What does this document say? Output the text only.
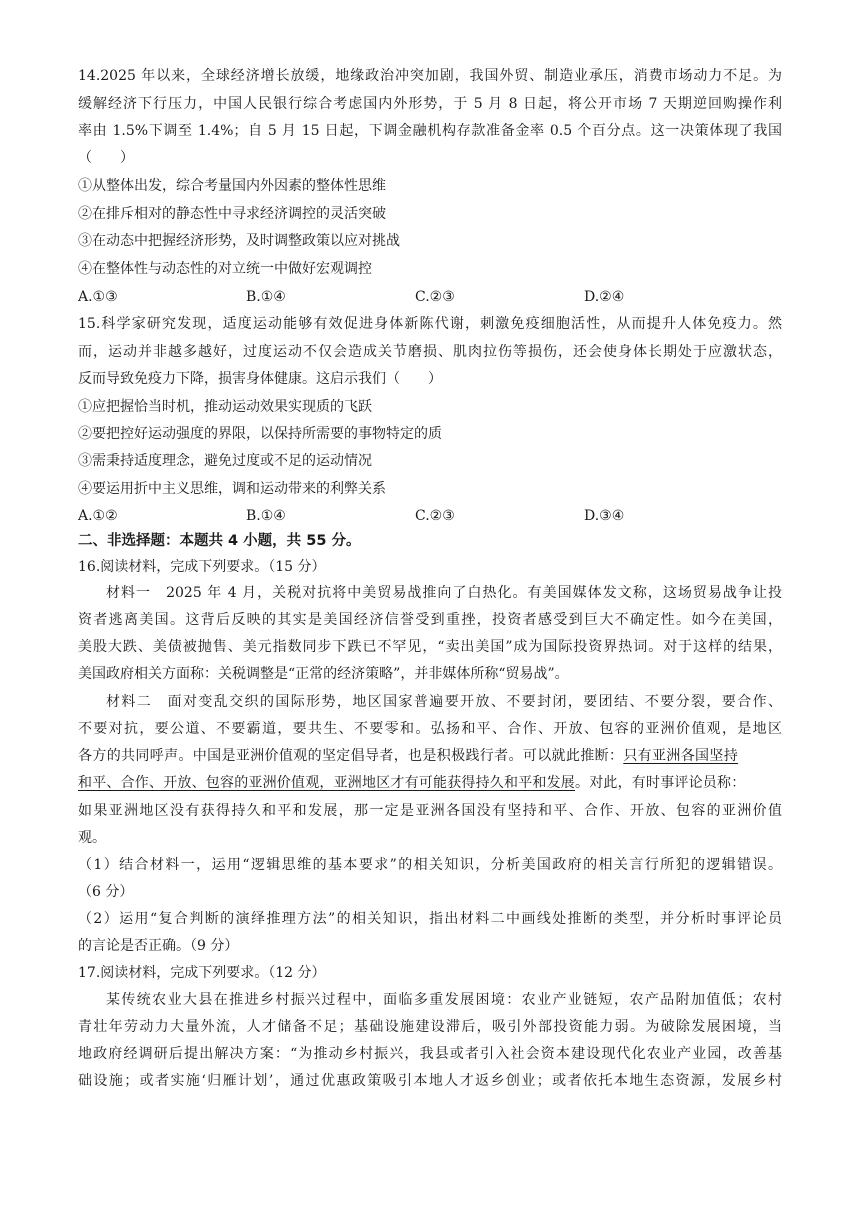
14.2025 年以来，全球经济增长放缓，地缘政治冲突加剧，我国外贸、制造业承压，消费市场动力不足。为
缓解经济下行压力，中国人民银行综合考虑国内外形势，于 5 月 8 日起，将公开市场 7 天期逆回购操作利
率由 1.5%下调至 1.4%；自 5 月 15 日起，下调金融机构存款准备金率 0.5 个百分点。这一决策体现了我国
（　　）
①从整体出发，综合考量国内外因素的整体性思维
②在排斥相对的静态性中寻求经济调控的灵活突破
③在动态中把握经济形势，及时调整政策以应对挑战
④在整体性与动态性的对立统一中做好宏观调控
A.①③	B.①④	C.②③	D.②④
15.科学家研究发现，适度运动能够有效促进身体新陈代谢，刺激免疫细胞活性，从而提升人体免疫力。然
而，运动并非越多越好，过度运动不仅会造成关节磨损、肌肉拉伤等损伤，还会使身体长期处于应激状态，
反而导致免疫力下降，损害身体健康。这启示我们（　　）
①应把握恰当时机，推动运动效果实现质的飞跃
②要把控好运动强度的界限，以保持所需要的事物特定的质
③需秉持适度理念，避免过度或不足的运动情况
④要运用折中主义思维，调和运动带来的利弊关系
A.①②	B.①④	C.②③	D.③④
二、非选择题：本题共 4 小题，共 55 分。
16.阅读材料，完成下列要求。（15 分）
材料一　2025 年 4 月，关税对抗将中美贸易战推向了白热化。有美国媒体发文称，这场贸易战争让投
资者逃离美国。这背后反映的其实是美国经济信誉受到重挫，投资者感受到巨大不确定性。如今在美国，
美股大跌、美债被抛售、美元指数同步下跌已不罕见，“卖出美国”成为国际投资界热词。对于这样的结果，
美国政府相关方面称：关税调整是“正常的经济策略”，并非媒体所称“贸易战”。
材料二　面对变乱交织的国际形势，地区国家普遍要开放、不要封闭，要团结、不要分裂，要合作、
不要对抗，要公道、不要霸道，要共生、不要零和。弘扬和平、合作、开放、包容的亚洲价值观，是地区
各方的共同呼声。中国是亚洲价值观的坚定倡导者，也是积极践行者。可以就此推断：只有亚洲各国坚持
和平、合作、开放、包容的亚洲价值观，亚洲地区才有可能获得持久和平和发展。对此，有时事评论员称：
如果亚洲地区没有获得持久和平和发展，那一定是亚洲各国没有坚持和平、合作、开放、包容的亚洲价值
观。
（1）结合材料一，运用“逻辑思维的基本要求”的相关知识，分析美国政府的相关言行所犯的逻辑错误。
（6 分）
（2）运用“复合判断的演绎推理方法”的相关知识，指出材料二中画线处推断的类型，并分析时事评论员
的言论是否正确。（9 分）
17.阅读材料，完成下列要求。（12 分）
某传统农业大县在推进乡村振兴过程中，面临多重发展困境：农业产业链短，农产品附加值低；农村
青壮年劳动力大量外流，人才储备不足；基础设施建设滞后，吸引外部投资能力弱。为破除发展困境，当
地政府经调研后提出解决方案：“为推动乡村振兴，我县或者引入社会资本建设现代化农业产业园，改善基
础设施；或者实施‘归雁计划’，通过优惠政策吸引本地人才返乡创业；或者依托本地生态资源，发展乡村
